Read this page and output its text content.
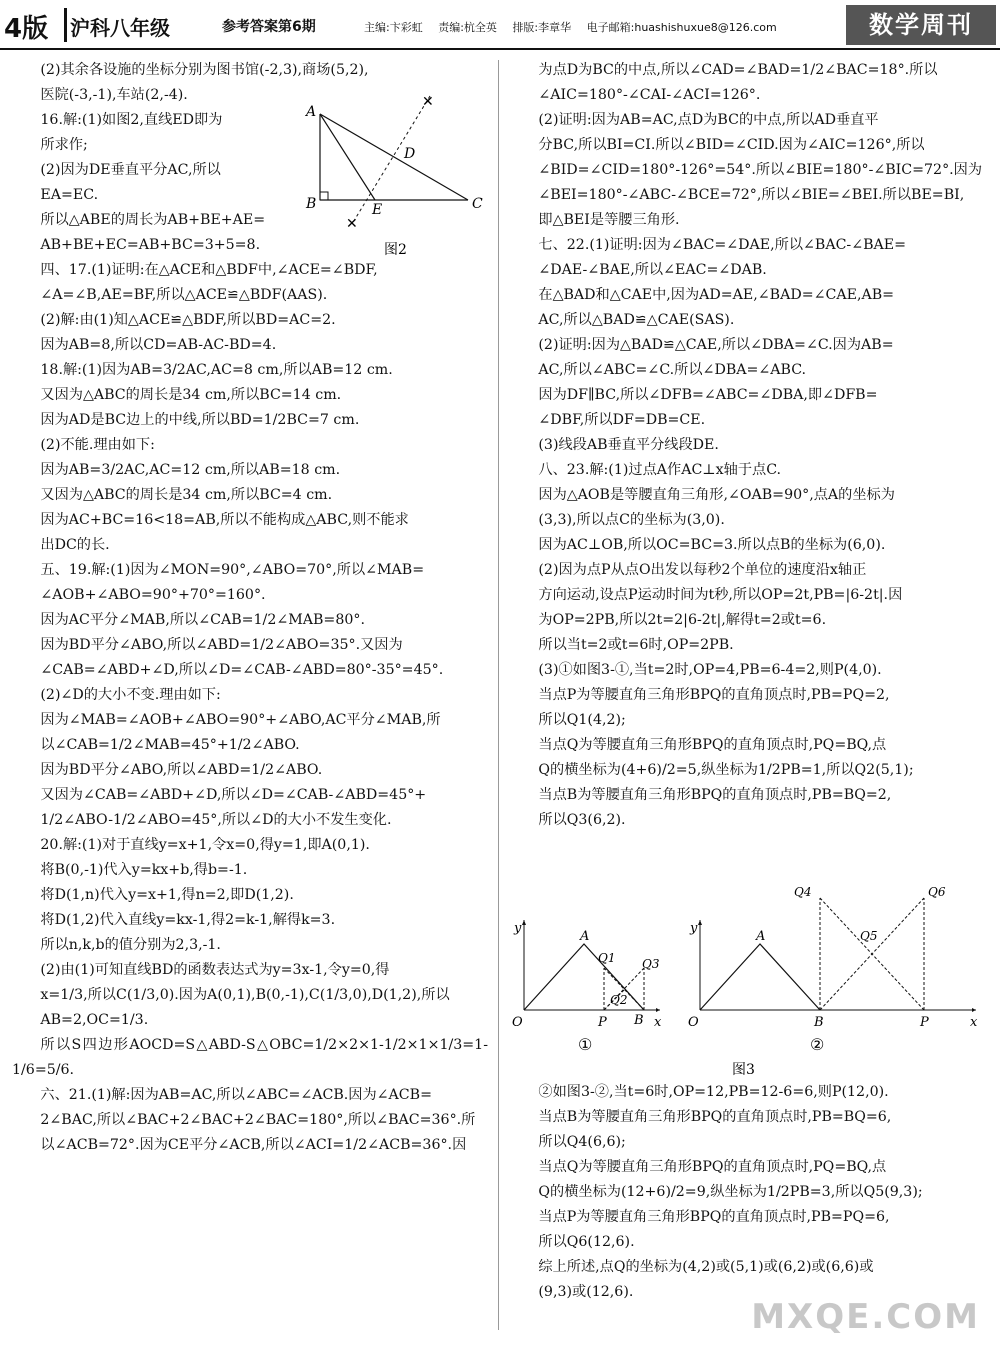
4版 沪科八年级	参考答案第6期	主编:卞彩虹 责编:杭全英 排版:李章华 电子邮箱:huashishuxue8@126.com	数学周刊
(2)其余各设施的坐标分别为图书馆(-2,3),商场(5,2),
医院(-3,-1),车站(2,-4).
16.解:(1)如图2,直线ED即为
所求作;
(2)因为DE垂直平分AC,所以
EA=EC.
所以△ABE的周长为AB+BE+AE=
AB+BE+EC=AB+BC=3+5=8.
四、17.(1)证明:在△ACE和△BDF中,∠ACE=∠BDF,
∠A=∠B,AE=BF,所以△ACE≌△BDF(AAS).
(2)解:由(1)知△ACE≌△BDF,所以BD=AC=2.
因为AB=8,所以CD=AB-AC-BD=4.
18.解:(1)因为AB=3/2AC,AC=8 cm,所以AB=12 cm.
又因为△ABC的周长是34 cm,所以BC=14 cm.
因为AD是BC边上的中线,所以BD=1/2BC=7 cm.
(2)不能.理由如下:
因为AB=3/2AC,AC=12 cm,所以AB=18 cm.
又因为△ABC的周长是34 cm,所以BC=4 cm.
因为AC+BC=16<18=AB,所以不能构成△ABC,则不能求
出DC的长.
五、19.解:(1)因为∠MON=90°,∠ABO=70°,所以∠MAB=
∠AOB+∠ABO=90°+70°=160°.
因为AC平分∠MAB,所以∠CAB=1/2∠MAB=80°.
因为BD平分∠ABO,所以∠ABD=1/2∠ABO=35°.又因为
∠CAB=∠ABD+∠D,所以∠D=∠CAB-∠ABD=80°-35°=45°.
(2)∠D的大小不变.理由如下:
因为∠MAB=∠AOB+∠ABO=90°+∠ABO,AC平分∠MAB,所
以∠CAB=1/2∠MAB=45°+1/2∠ABO.
因为BD平分∠ABO,所以∠ABD=1/2∠ABO.
又因为∠CAB=∠ABD+∠D,所以∠D=∠CAB-∠ABD=45°+
1/2∠ABO-1/2∠ABO=45°,所以∠D的大小不发生变化.
20.解:(1)对于直线y=x+1,令x=0,得y=1,即A(0,1).
将B(0,-1)代入y=kx+b,得b=-1.
将D(1,n)代入y=x+1,得n=2,即D(1,2).
将D(1,2)代入直线y=kx-1,得2=k-1,解得k=3.
所以n,k,b的值分别为2,3,-1.
(2)由(1)可知直线BD的函数表达式为y=3x-1,令y=0,得
x=1/3,所以C(1/3,0).因为A(0,1),B(0,-1),C(1/3,0),D(1,2),所以
AB=2,OC=1/3.
所以S四边形AOCD=S△ABD-S△OBC=1/2×2×1-1/2×1×1/3=1-1/6=5/6.
六、21.(1)解:因为AB=AC,所以∠ABC=∠ACB.因为∠ACB=
2∠BAC,所以∠BAC+2∠BAC+2∠BAC=180°,所以∠BAC=36°.所
以∠ACB=72°.因为CE平分∠ACB,所以∠ACI=1/2∠ACB=36°.因
✕
✕
A
B	C
D
E
图2
为点D为BC的中点,所以∠CAD=∠BAD=1/2∠BAC=18°.所以
∠AIC=180°-∠CAI-∠ACI=126°.
(2)证明:因为AB=AC,点D为BC的中点,所以AD垂直平
分BC,所以BI=CI.所以∠BID=∠CID.因为∠AIC=126°,所以
∠BID=∠CID=180°-126°=54°.所以∠BIE=180°-∠BIC=72°.因为
∠BEI=180°-∠ABC-∠BCE=72°,所以∠BIE=∠BEI.所以BE=BI,
即△BEI是等腰三角形.
七、22.(1)证明:因为∠BAC=∠DAE,所以∠BAC-∠BAE=
∠DAE-∠BAE,所以∠EAC=∠DAB.
在△BAD和△CAE中,因为AD=AE,∠BAD=∠CAE,AB=
AC,所以△BAD≌△CAE(SAS).
(2)证明:因为△BAD≌△CAE,所以∠DBA=∠C.因为AB=
AC,所以∠ABC=∠C.所以∠DBA=∠ABC.
因为DF∥BC,所以∠DFB=∠ABC=∠DBA,即∠DFB=
∠DBF,所以DF=DB=CE.
(3)线段AB垂直平分线段DE.
八、23.解:(1)过点A作AC⊥x轴于点C.
因为△AOB是等腰直角三角形,∠OAB=90°,点A的坐标为
(3,3),所以点C的坐标为(3,0).
因为AC⊥OB,所以OC=BC=3.所以点B的坐标为(6,0).
(2)因为点P从点O出发以每秒2个单位的速度沿x轴正
方向运动,设点P运动时间为t秒,所以OP=2t,PB=|6-2t|.因
为OP=2PB,所以2t=2|6-2t|,解得t=2或t=6.
所以当t=2或t=6时,OP=2PB.
(3)①如图3-①,当t=2时,OP=4,PB=6-4=2,则P(4,0).
当点P为等腰直角三角形BPQ的直角顶点时,PB=PQ=2,
所以Q1(4,2);
当点Q为等腰直角三角形BPQ的直角顶点时,PQ=BQ,点
Q的横坐标为(4+6)/2=5,纵坐标为1/2PB=1,所以Q2(5,1);
当点B为等腰直角三角形BPQ的直角顶点时,PB=BQ=2,
所以Q3(6,2).
y
A
O	P B x
Q1
Q2
Q3
①
y
A
O	B	P	x
Q4
Q5
Q6
②
图3
②如图3-②,当t=6时,OP=12,PB=12-6=6,则P(12,0).
当点B为等腰直角三角形BPQ的直角顶点时,PB=BQ=6,
所以Q4(6,6);
当点Q为等腰直角三角形BPQ的直角顶点时,PQ=BQ,点
Q的横坐标为(12+6)/2=9,纵坐标为1/2PB=3,所以Q5(9,3);
当点P为等腰直角三角形BPQ的直角顶点时,PB=PQ=6,
所以Q6(12,6).
综上所述,点Q的坐标为(4,2)或(5,1)或(6,2)或(6,6)或
(9,3)或(12,6).
MXQE.COM
